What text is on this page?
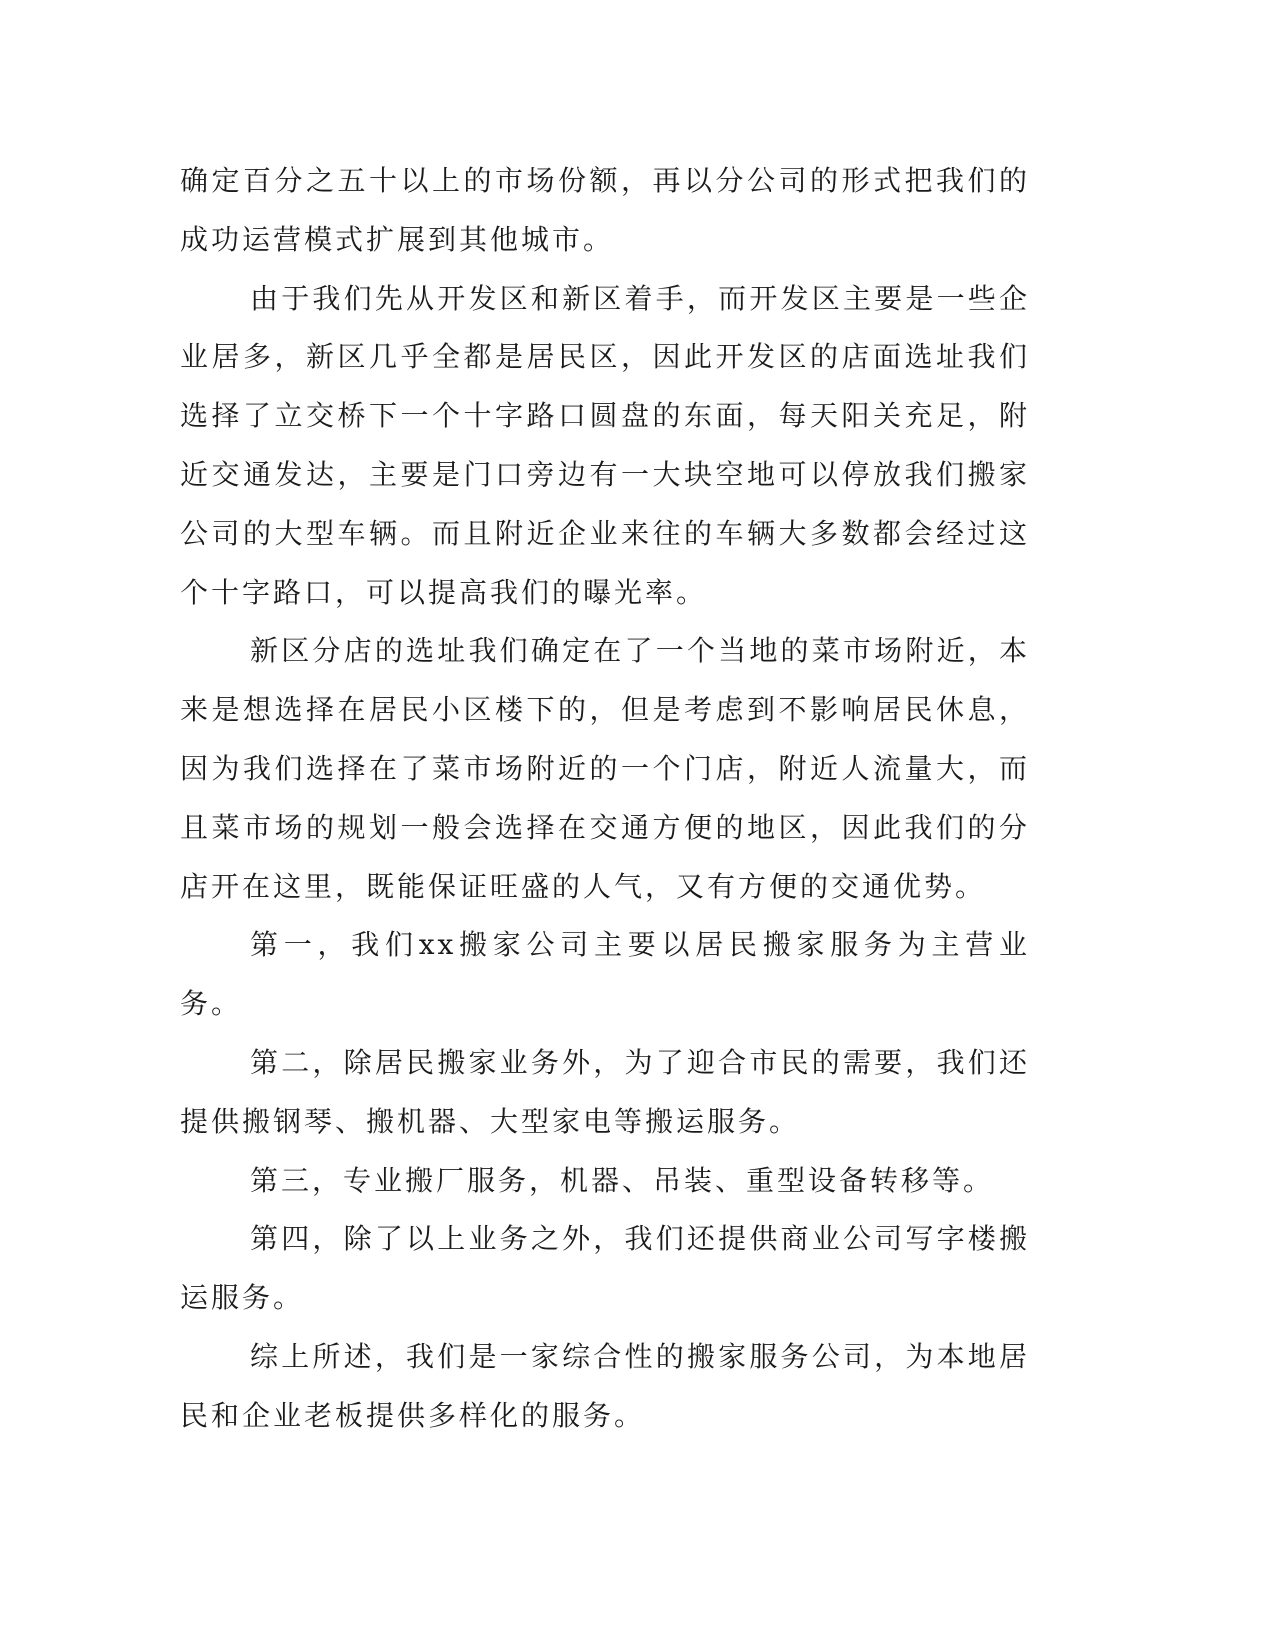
确定百分之五十以上的市场份额，再以分公司的形式把我们的成功运营模式扩展到其他城市。

由于我们先从开发区和新区着手，而开发区主要是一些企业居多，新区几乎全都是居民区，因此开发区的店面选址我们选择了立交桥下一个十字路口圆盘的东面，每天阳关充足，附近交通发达，主要是门口旁边有一大块空地可以停放我们搬家公司的大型车辆。而且附近企业来往的车辆大多数都会经过这个十字路口，可以提高我们的曝光率。

新区分店的选址我们确定在了一个当地的菜市场附近，本来是想选择在居民小区楼下的，但是考虑到不影响居民休息，因为我们选择在了菜市场附近的一个门店，附近人流量大，而且菜市场的规划一般会选择在交通方便的地区，因此我们的分店开在这里，既能保证旺盛的人气，又有方便的交通优势。

第一，我们xx搬家公司主要以居民搬家服务为主营业务。

第二，除居民搬家业务外，为了迎合市民的需要，我们还提供搬钢琴、搬机器、大型家电等搬运服务。

第三，专业搬厂服务，机器、吊装、重型设备转移等。

第四，除了以上业务之外，我们还提供商业公司写字楼搬运服务。

综上所述，我们是一家综合性的搬家服务公司，为本地居民和企业老板提供多样化的服务。
